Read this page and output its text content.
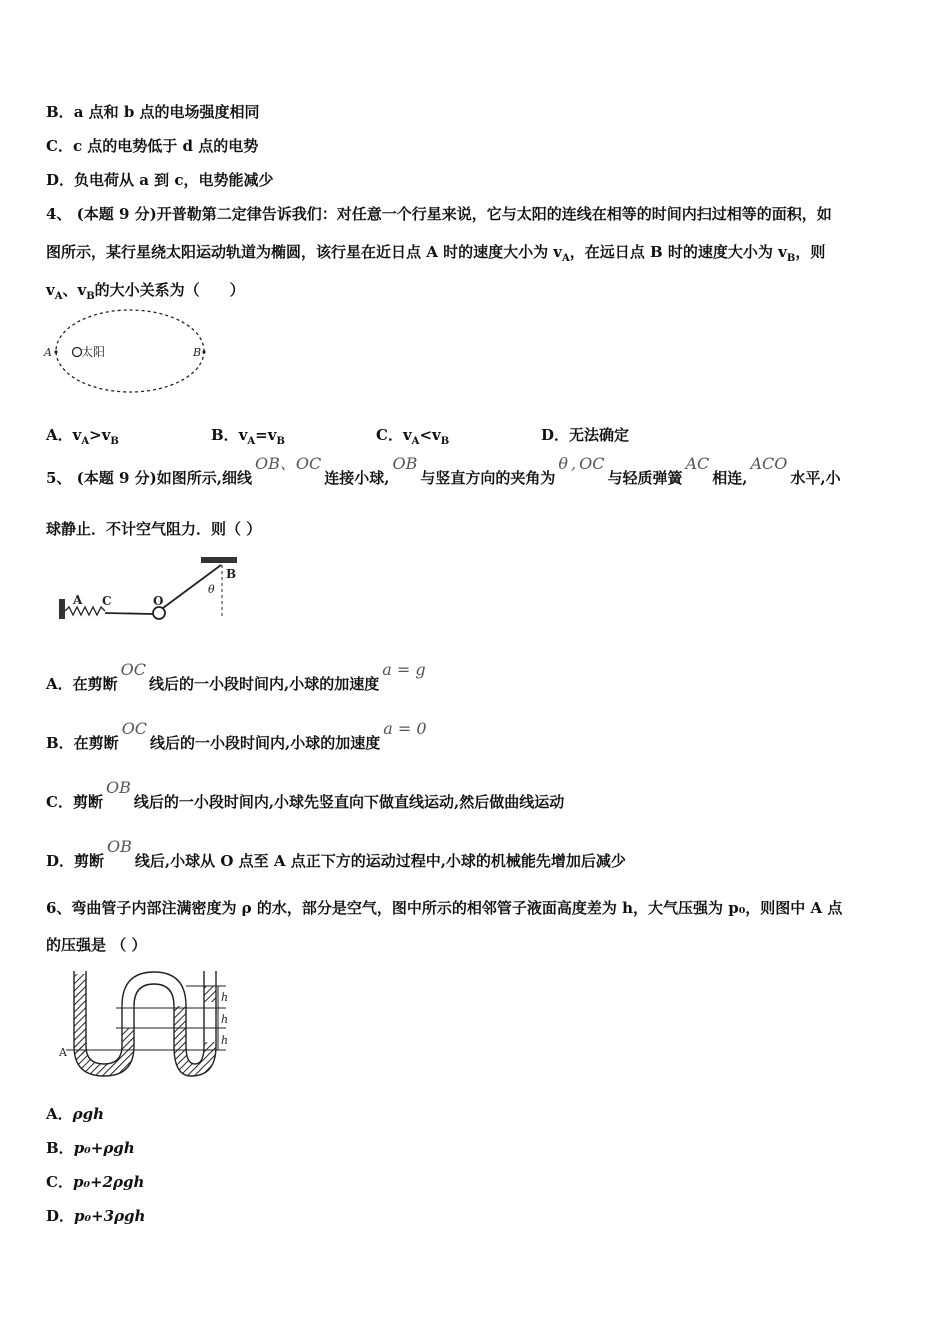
B．a 点和 b 点的电场强度相同
C．c 点的电势低于 d 点的电势
D．负电荷从 a 到 c，电势能减少
4、 (本题 9 分)开普勒第二定律告诉我们：对任意一个行星来说，它与太阳的连线在相等的时间内扫过相等的面积，如
图所示，某行星绕太阳运动轨道为椭圆，该行星在近日点 A 时的速度大小为 $v_A$，在远日点 B 时的速度大小为 $v_B$，则
$v_A$、$v_B$的大小关系为（　　）
太阳
A	B
A．$v_A>v_B$	B．$v_A=v_B$	C．$v_A<v_B$	D．无法确定
5、 (本题 9 分)如图所示,细线OB、OC连接小球,OB与竖直方向的夹角为θ , OC与轻质弹簧AC相连,ACO水平,小
球静止．不计空气阻力．则（ ）
A C	O
B
θ
A．在剪断OC线后的一小段时间内,小球的加速度a = g
B．在剪断OC线后的一小段时间内,小球的加速度a = 0
C．剪断OB线后的一小段时间内,小球先竖直向下做直线运动,然后做曲线运动
D．剪断OB线后,小球从 O 点至 A 点正下方的运动过程中,小球的机械能先增加后减少
6、弯曲管子内部注满密度为 ρ 的水，部分是空气，图中所示的相邻管子液面高度差为 h，大气压强为 p₀，则图中 A 点
的压强是 （ ）
h
h
h
A
A．ρgh
B．p₀+ρgh
C．p₀+2ρgh
D．p₀+3ρgh
